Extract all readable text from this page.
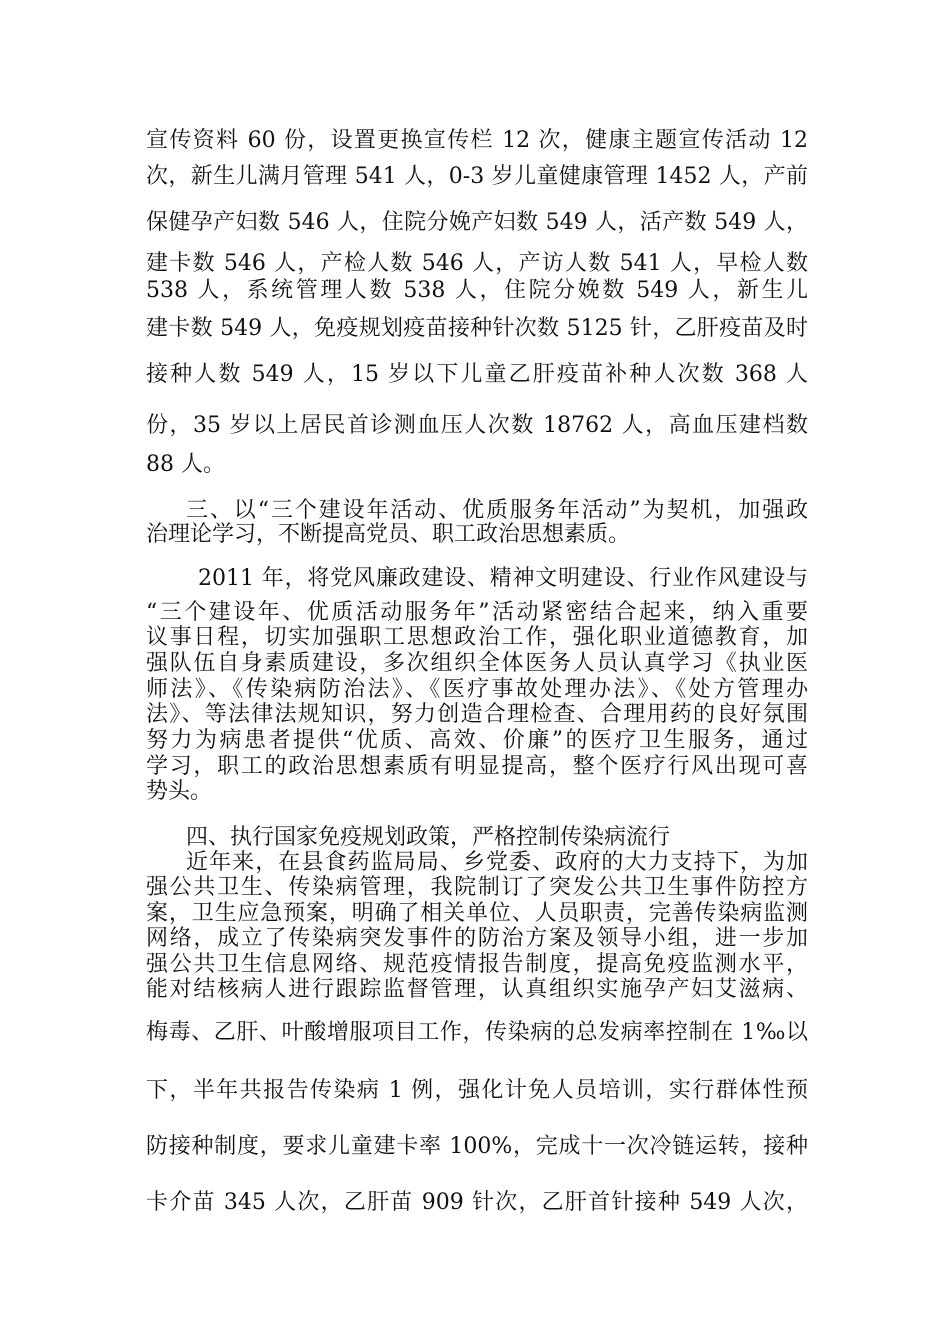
宣传资料 60 份，设置更换宣传栏 12 次，健康主题宣传活动 12
次，新生儿满月管理 541 人，0-3 岁儿童健康管理 1452 人，产前
保健孕产妇数 546 人，住院分娩产妇数 549 人，活产数 549 人，
建卡数 546 人，产检人数 546 人，产访人数 541 人，早检人数
538 人，系统管理人数 538 人，住院分娩数 549 人，新生儿
建卡数 549 人，免疫规划疫苗接种针次数 5125 针，乙肝疫苗及时
接种人数 549 人，15 岁以下儿童乙肝疫苗补种人次数 368 人
份，35 岁以上居民首诊测血压人次数 18762 人，高血压建档数
88 人。
三、以“三个建设年活动、优质服务年活动”为契机，加强政
治理论学习，不断提高党员、职工政治思想素质。
2011 年，将党风廉政建设、精神文明建设、行业作风建设与
“三个建设年、优质活动服务年”活动紧密结合起来，纳入重要
议事日程，切实加强职工思想政治工作，强化职业道德教育，加
强队伍自身素质建设，多次组织全体医务人员认真学习《执业医
师法》、《传染病防治法》、《医疗事故处理办法》、《处方管理办
法》、等法律法规知识，努力创造合理检查、合理用药的良好氛围
努力为病患者提供“优质、高效、价廉”的医疗卫生服务，通过
学习，职工的政治思想素质有明显提高，整个医疗行风出现可喜
势头。
四、执行国家免疫规划政策，严格控制传染病流行
近年来，在县食药监局局、乡党委、政府的大力支持下，为加
强公共卫生、传染病管理，我院制订了突发公共卫生事件防控方
案，卫生应急预案，明确了相关单位、人员职责，完善传染病监测
网络，成立了传染病突发事件的防治方案及领导小组，进一步加
强公共卫生信息网络、规范疫情报告制度，提高免疫监测水平，
能对结核病人进行跟踪监督管理，认真组织实施孕产妇艾滋病、
梅毒、乙肝、叶酸增服项目工作，传染病的总发病率控制在 1‰以
下，半年共报告传染病 1 例，强化计免人员培训，实行群体性预
防接种制度，要求儿童建卡率 100%，完成十一次冷链运转，接种
卡介苗 345 人次，乙肝苗 909 针次，乙肝首针接种 549 人次，
